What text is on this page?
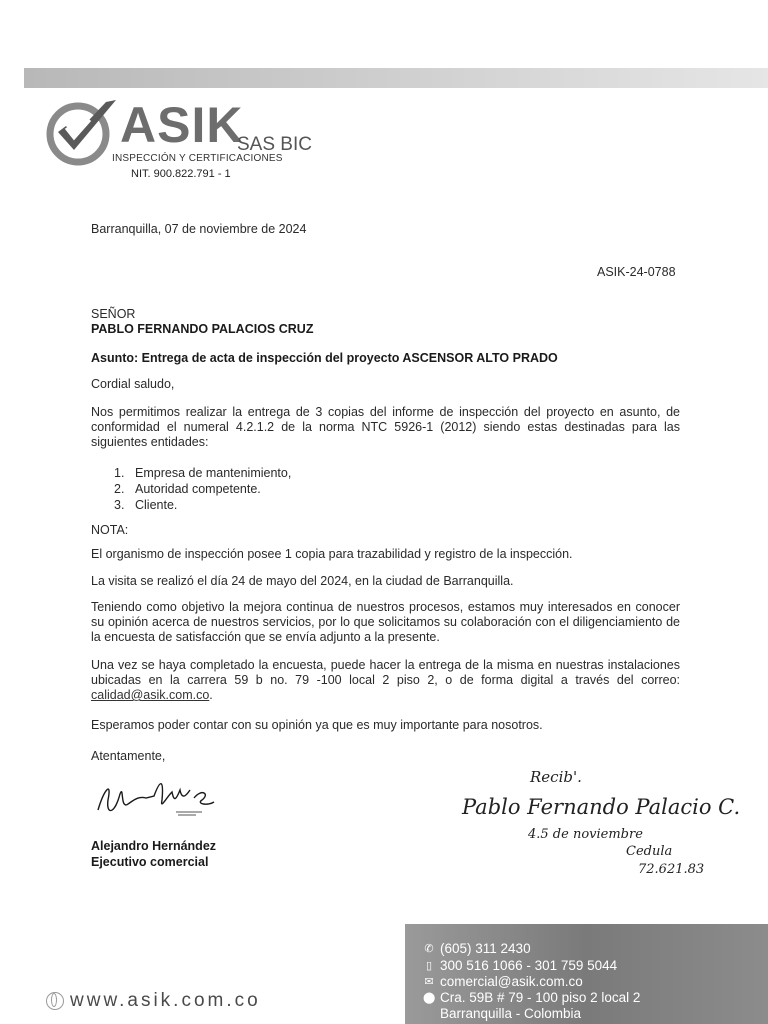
ASIK
SAS BIC
INSPECCIÓN Y CERTIFICACIONES
NIT. 900.822.791 - 1
Barranquilla, 07 de noviembre de 2024
ASIK-24-0788
SEÑOR
PABLO FERNANDO PALACIOS CRUZ
Asunto: Entrega de acta de inspección del proyecto ASCENSOR ALTO PRADO
Cordial saludo,
Nos permitimos realizar la entrega de 3 copias del informe de inspección del proyecto en asunto, de conformidad el numeral 4.2.1.2 de la norma NTC 5926-1 (2012) siendo estas destinadas para las siguientes entidades:
1. Empresa de mantenimiento,
2. Autoridad competente.
3. Cliente.
NOTA:
El organismo de inspección posee 1 copia para trazabilidad y registro de la inspección.
La visita se realizó el día 24 de mayo del 2024, en la ciudad de Barranquilla.
Teniendo como objetivo la mejora continua de nuestros procesos, estamos muy interesados en conocer su opinión acerca de nuestros servicios, por lo que solicitamos su colaboración con el diligenciamiento de la encuesta de satisfacción que se envía adjunto a la presente.
Una vez se haya completado la encuesta, puede hacer la entrega de la misma en nuestras instalaciones ubicadas en la carrera 59 b no. 79 -100 local 2 piso 2, o de forma digital a través del correo: calidad@asik.com.co.
Esperamos poder contar con su opinión ya que es muy importante para nosotros.
Atentamente,
Alejandro Hernández
Ejecutivo comercial
Recib'.
Pablo Fernando Palacio C.
4.5 de noviembre
Cedula
72.621.83
✆ (605) 311 2430
▯ 300 516 1066 - 301 759 5044
✉ comercial@asik.com.co
⬤ Cra. 59B # 79 - 100 piso 2 local 2
Barranquilla - Colombia
www.asik.com.co
